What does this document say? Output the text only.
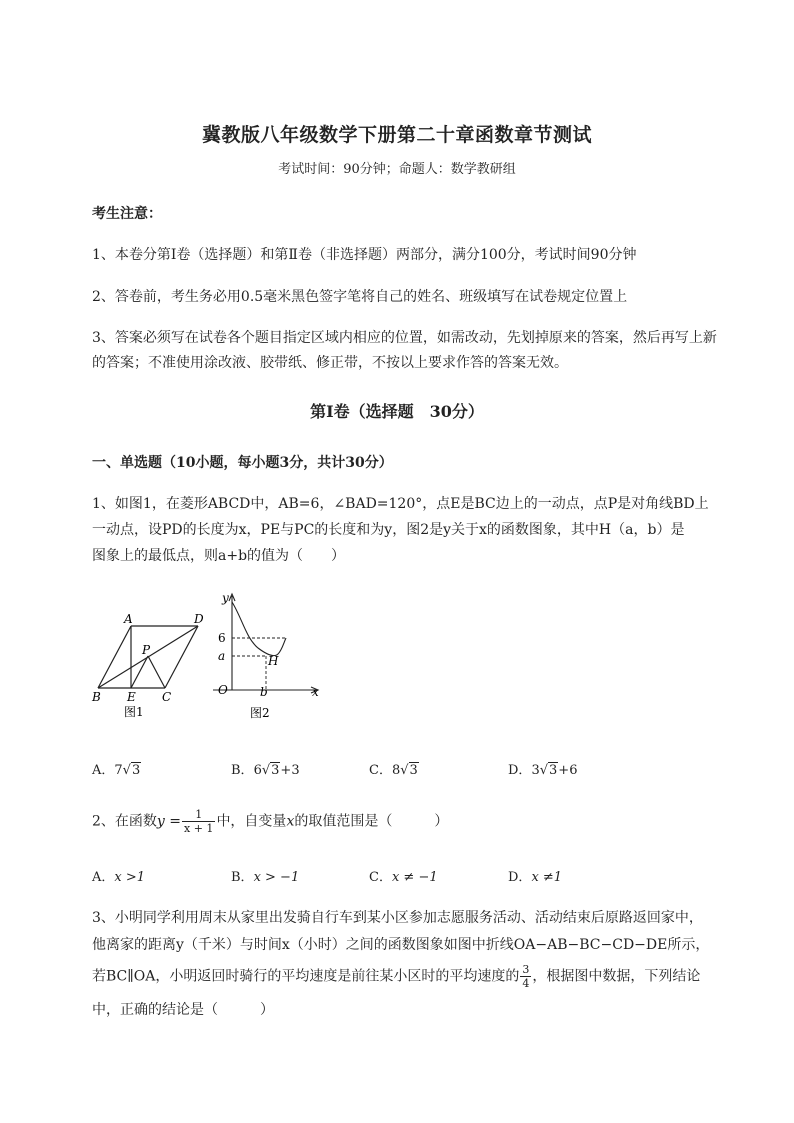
冀教版八年级数学下册第二十章函数章节测试
考试时间：90分钟；命题人：数学教研组
考生注意：
1、本卷分第Ⅰ卷（选择题）和第Ⅱ卷（非选择题）两部分，满分100分，考试时间90分钟
2、答卷前，考生务必用0.5毫米黑色签字笔将自己的姓名、班级填写在试卷规定位置上
3、答案必须写在试卷各个题目指定区域内相应的位置，如需改动，先划掉原来的答案，然后再写上新
的答案；不准使用涂改液、胶带纸、修正带，不按以上要求作答的答案无效。
第Ⅰ卷（选择题　30分）
一、单选题（10小题，每小题3分，共计30分）
1、如图1，在菱形ABCD中，AB=6，∠BAD=120°，点E是BC边上的一动点，点P是对角线BD上
一动点，设PD的长度为x，PE与PC的长度和为y，图2是y关于x的函数图象，其中H（a，b）是
图象上的最低点，则a+b的值为（　　）
A	D
P
B E C
图1
y
6
a	H
O	b	x
图2
A．7√3	B．6√3+3	C．8√3	D．3√3+6
2、在函数$y = \frac{1}{x + 1}$ 中，自变量x的取值范围是（　　　）
A．x >1	B．x > −1	C．x ≠ −1	D．x ≠1
3、小明同学利用周末从家里出发骑自行车到某小区参加志愿服务活动、活动结束后原路返回家中，
他离家的距离y（千米）与时间x（小时）之间的函数图象如图中折线OA−AB−BC−CD−DE所示，
若BC∥OA，小明返回时骑行的平均速度是前往某小区时的平均速度的 $\frac{3}{4}$ ，根据图中数据，下列结论
中，正确的结论是（　　　）
